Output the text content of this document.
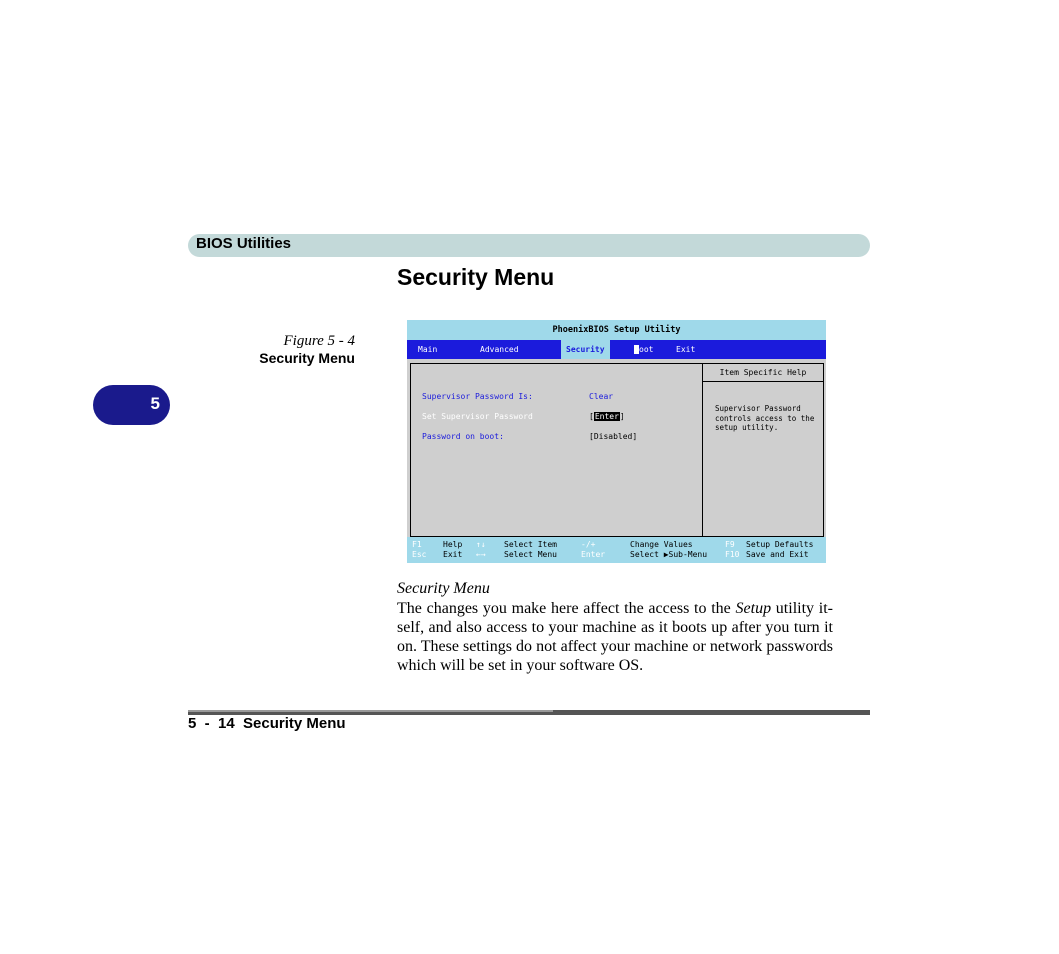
BIOS Utilities
Security Menu
5
Figure 5 - 4
Security Menu
PhoenixBIOS Setup Utility
Main	Advanced	Security	oot	Exit
Supervisor Password Is:	Clear
Set Supervisor Password	[Enter]
Password on boot:	[Disabled]
Item Specific Help
Supervisor Password controls access to the setup utility.
F1	Help ↑↓ Select Item	-/+	Change Values	F9 Setup Defaults
Esc Exit ←→ Select Menu	Enter	Select ▶Sub-Menu F10 Save and Exit
Security Menu
The changes you make here affect the access to the Setup utility it-self, and also access to your machine as it boots up after you turn it on. These settings do not affect your machine or network passwords which will be set in your software OS.
5  -  14  Security Menu
